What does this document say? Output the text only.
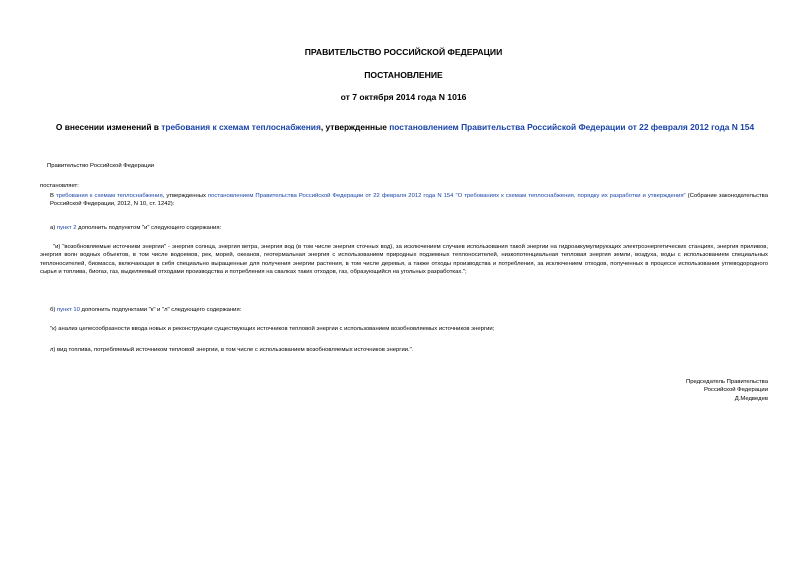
ПРАВИТЕЛЬСТВО РОССИЙСКОЙ ФЕДЕРАЦИИ
ПОСТАНОВЛЕНИЕ
от 7 октября 2014 года N 1016
О внесении изменений в требования к схемам теплоснабжения, утвержденные постановлением Правительства Российской Федерации от 22 февраля 2012 года N 154
Правительство Российской Федерации
постановляет:
В требования к схемам теплоснабжения, утвержденных постановлением Правительства Российской Федерации от 22 февраля 2012 года N 154 "О требованиях к схемам теплоснабжения, порядку их разработки и утверждения" (Собрание законодательства Российской Федерации, 2012, N 10, ст. 1242):
а) пункт 2 дополнить подпунктом "и" следующего содержания:
"и) "возобновляемые источники энергии" - энергия солнца, энергия ветра, энергия вод (в том числе энергия сточных вод), за исключением случаев использования такой энергии на гидроаккумулирующих электроэнергетических станциях, энергия приливов, энергия волн водных объектов, в том числе водоемов, рек, морей, океанов, геотермальная энергия с использованием природных подземных теплоносителей, низкопотенциальная тепловая энергия земли, воздуха, воды с использованием специальных теплоносителей, биомасса, включающая в себя специально выращенные для получения энергии растения, в том числе деревья, а также отходы производства и потребления, за исключением отходов, полученных в процессе использования углеводородного сырья и топлива, биогаз, газ, выделяемый отходами производства и потребления на свалках таких отходов, газ, образующийся на угольных разработках.";
б) пункт 10 дополнить подпунктами "к" и "л" следующего содержания:
"к) анализ целесообразности ввода новых и реконструкции существующих источников тепловой энергии с использованием возобновляемых источников энергии;
л) вид топлива, потребляемый источником тепловой энергии, в том числе с использованием возобновляемых источников энергии.".
Председатель Правительства
Российской Федерации
Д.Медведев
